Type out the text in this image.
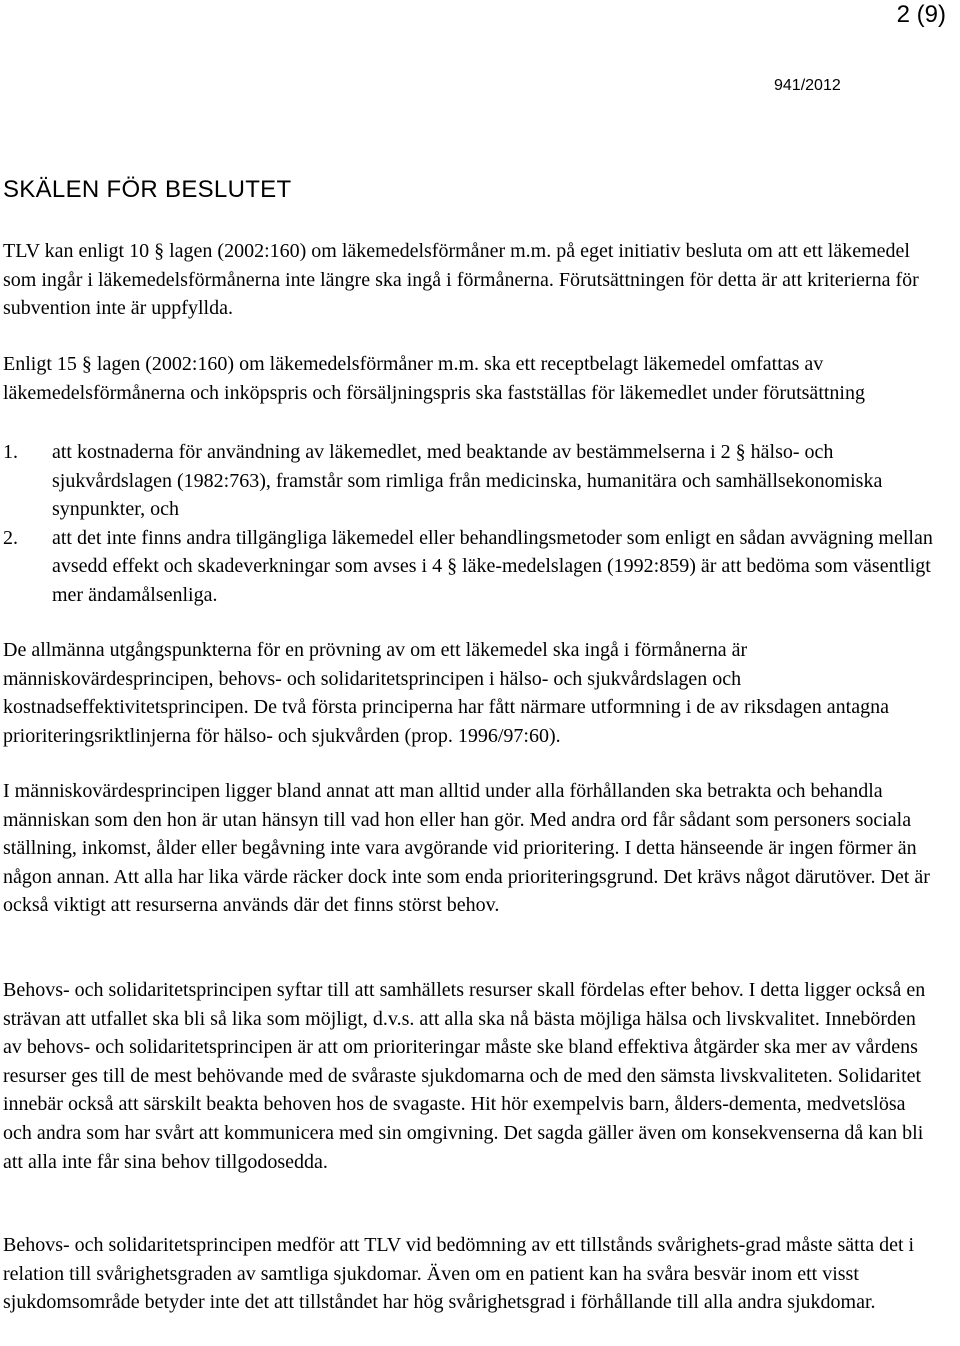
2 (9)
941/2012
SKÄLEN FÖR BESLUTET

TLV kan enligt 10 § lagen (2002:160) om läkemedelsförmåner m.m. på eget initiativ besluta om att ett läkemedel som ingår i läkemedelsförmånerna inte längre ska ingå i förmånerna. Förutsättningen för detta är att kriterierna för subvention inte är uppfyllda.

Enligt 15 § lagen (2002:160) om läkemedelsförmåner m.m. ska ett receptbelagt läkemedel omfattas av läkemedelsförmånerna och inköpspris och försäljningspris ska fastställas för läkemedlet under förutsättning

1. att kostnaderna för användning av läkemedlet, med beaktande av bestämmelserna i 2 § hälso- och sjukvårdslagen (1982:763), framstår som rimliga från medicinska, humanitära och samhällsekonomiska synpunkter, och
2. att det inte finns andra tillgängliga läkemedel eller behandlingsmetoder som enligt en sådan avvägning mellan avsedd effekt och skadeverkningar som avses i 4 § läke-medelslagen (1992:859) är att bedöma som väsentligt mer ändamålsenliga.

De allmänna utgångspunkterna för en prövning av om ett läkemedel ska ingå i förmånerna är människovärdesprincipen, behovs- och solidaritetsprincipen i hälso- och sjukvårdslagen och kostnadseffektivitetsprincipen. De två första principerna har fått närmare utformning i de av riksdagen antagna prioriteringsriktlinjerna för hälso- och sjukvården (prop. 1996/97:60).

I människovärdesprincipen ligger bland annat att man alltid under alla förhållanden ska betrakta och behandla människan som den hon är utan hänsyn till vad hon eller han gör. Med andra ord får sådant som personers sociala ställning, inkomst, ålder eller begåvning inte vara avgörande vid prioritering. I detta hänseende är ingen förmer än någon annan. Att alla har lika värde räcker dock inte som enda prioriteringsgrund. Det krävs något därutöver. Det är också viktigt att resurserna används där det finns störst behov.

Behovs- och solidaritetsprincipen syftar till att samhällets resurser skall fördelas efter behov. I detta ligger också en strävan att utfallet ska bli så lika som möjligt, d.v.s. att alla ska nå bästa möjliga hälsa och livskvalitet. Innebörden av behovs- och solidaritetsprincipen är att om prioriteringar måste ske bland effektiva åtgärder ska mer av vårdens resurser ges till de mest behövande med de svåraste sjukdomarna och de med den sämsta livskvaliteten. Solidaritet innebär också att särskilt beakta behoven hos de svagaste. Hit hör exempelvis barn, ålders-dementa, medvetslösa och andra som har svårt att kommunicera med sin omgivning. Det sagda gäller även om konsekvenserna då kan bli att alla inte får sina behov tillgodosedda.

Behovs- och solidaritetsprincipen medför att TLV vid bedömning av ett tillstånds svårighets-grad måste sätta det i relation till svårighetsgraden av samtliga sjukdomar. Även om en patient kan ha svåra besvär inom ett visst sjukdomsområde betyder inte det att tillståndet har hög svårighetsgrad i förhållande till alla andra sjukdomar.
